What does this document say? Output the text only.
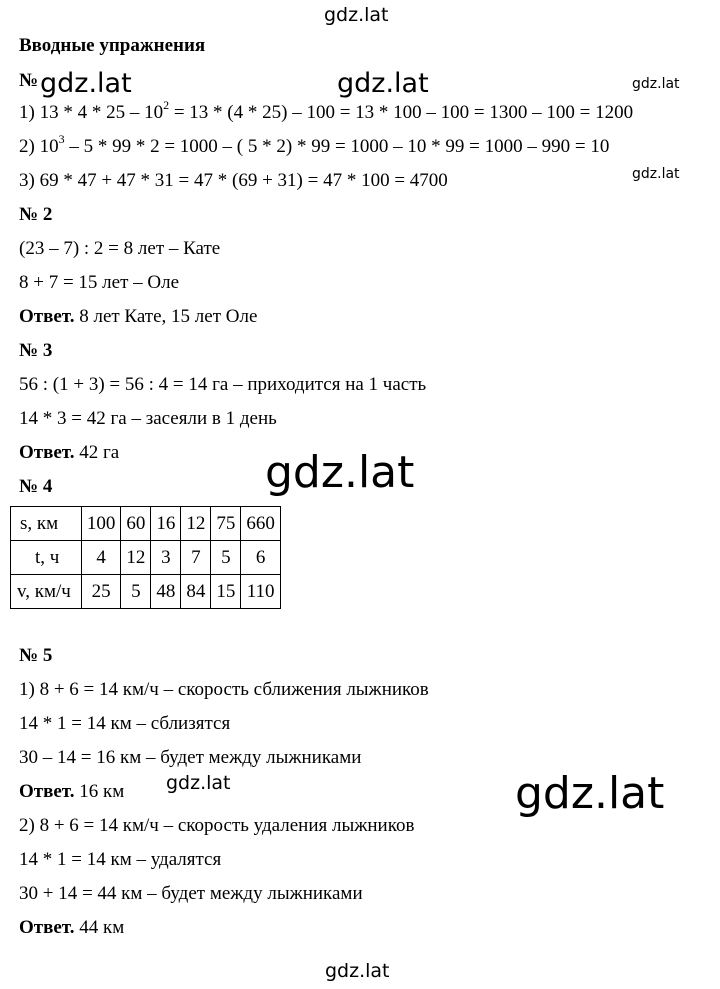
gdz.lat
Вводные упражнения
№
1) $13 * 4 * 25 - 10^2 = 13 * (4 * 25) - 100 = 13 * 100 - 100 = 1300 - 100 = 1200$
2) $10^3 - 5 * 99 * 2 = 1000$ – ( 5 * 2) * 99 = 1000 – 10 * 99 = 1000 – 990 = 10
3) 69 * 47 + 47 * 31 = 47 * (69 + 31) = 47 * 100 = 4700
gdz.lat	gdz.lat	gdz.lat
gdz.lat
№ 2
(23 – 7) : 2 = 8 лет – Кате
8 + 7 = 15 лет – Оле
Ответ. 8 лет Кате, 15 лет Оле
№ 3
56 : (1 + 3) = 56 : 4 = 14 га – приходится на 1 часть
14 * 3 = 42 га – засеяли в 1 день
Ответ. 42 га
№ 4	gdz.lat
s, км	100	60	16	12	75	660
t, ч	4	12	3	7	5	6
v, км/ч	25	5	48	84	15	110
№ 5
1) 8 + 6 = 14 км/ч – скорость сближения лыжников
14 * 1 = 14 км – сблизятся
30 – 14 = 16 км – будет между лыжниками
Ответ. 16 км gdz.lat	gdz.lat
2) 8 + 6 = 14 км/ч – скорость удаления лыжников
14 * 1 = 14 км – удалятся
30 + 14 = 44 км – будет между лыжниками
Ответ. 44 км
gdz.lat
